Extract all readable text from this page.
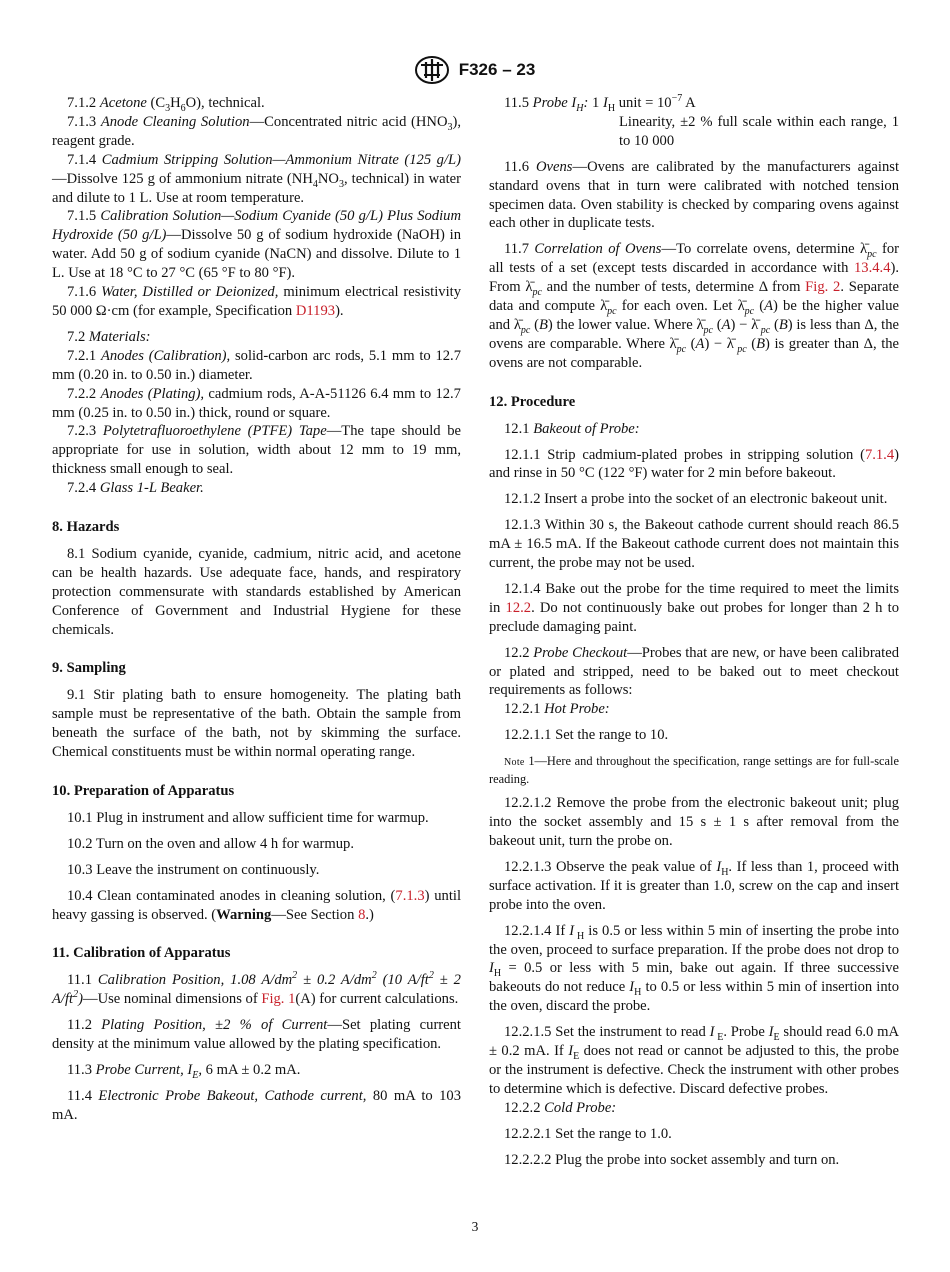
F326 – 23

7.1.2 Acetone $(C_3H_6O)$, technical.

7.1.3 Anode Cleaning Solution—Concentrated nitric acid $(HNO_3)$, reagent grade.

7.1.4 Cadmium Stripping Solution—Ammonium Nitrate (125 g/L)—Dissolve 125 g of ammonium nitrate ($NH_4NO_3$, technical) in water and dilute to 1 L. Use at room temperature.

7.1.5 Calibration Solution—Sodium Cyanide (50 g/L) Plus Sodium Hydroxide (50 g/L)—Dissolve 50 g of sodium hydroxide (NaOH) in water. Add 50 g of sodium cyanide (NaCN) and dissolve. Dilute to 1 L. Use at 18 °C to 27 °C (65 °F to 80 °F).

7.1.6 Water, Distilled or Deionized, minimum electrical resistivity 50 000 Ω·cm (for example, Specification D1193).

7.2 Materials:

7.2.1 Anodes (Calibration), solid-carbon arc rods, 5.1 mm to 12.7 mm (0.20 in. to 0.50 in.) diameter.

7.2.2 Anodes (Plating), cadmium rods, A-A-51126 6.4 mm to 12.7 mm (0.25 in. to 0.50 in.) thick, round or square.

7.2.3 Polytetrafluoroethylene (PTFE) Tape—The tape should be appropriate for use in solution, width about 12 mm to 19 mm, thickness small enough to seal.

7.2.4 Glass 1-L Beaker.

8. Hazards

8.1 Sodium cyanide, cyanide, cadmium, nitric acid, and acetone can be health hazards. Use adequate face, hands, and respiratory protection commensurate with standards established by American Conference of Government and Industrial Hygiene for these chemicals.

9. Sampling

9.1 Stir plating bath to ensure homogeneity. The plating bath sample must be representative of the bath. Obtain the sample from beneath the surface of the bath, not by skimming the surface. Chemical constituents must be within normal operating range.

10. Preparation of Apparatus

10.1 Plug in instrument and allow sufficient time for warmup.

10.2 Turn on the oven and allow 4 h for warmup.

10.3 Leave the instrument on continuously.

10.4 Clean contaminated anodes in cleaning solution, (7.1.3) until heavy gassing is observed. (Warning—See Section 8.)

11. Calibration of Apparatus

11.1 Calibration Position, 1.08 $A/dm^2 \pm 0.2$ $A/dm^2$ (10 $A/ft^2 \pm 2$ $A/ft^2)—Use$ nominal dimensions of Fig. 1(A) for current calculations.

11.2 Plating Position, ±2 % of Current—Set plating current density at the minimum value allowed by the plating specification.

11.3 Probe Current, $I_E$, 6 mA ± 0.2 mA.

11.4 Electronic Probe Bakeout, Cathode current, 80 mA to 103 mA.

11.5 Probe $I_H$: 1 $I_H$ unit = $10^{-7}$ A

Linearity, ±2 % full scale within each range, 1 to 10 000

11.6 Ovens—Ovens are calibrated by the manufacturers against standard ovens that in turn were calibrated with notched tension specimen data. Oven stability is checked by comparing ovens against each other in duplicate tests.

11.7 Correlation of Ovens—To correlate ovens, determine $\lambdā_{pc}$ for all tests of a set (except tests discarded in accordance with 13.4.4). From $\lambdā_{pc}$ and the number of tests, determine Δ from Fig. 2. Separate data and compute $\lambdā_{pc}$ for each oven. Let $\lambdā_{pc}$ (A) be the higher value and $\lambdā_{pc}$ (B) the lower value. Where $\lambdā_{pc}$ (A) − λ̄ $_{pc}$ (B) is less than Δ, the ovens are comparable. Where $\lambdā_{pc}$ (A) − λ̄ $_{pc}$ (B) is greater than Δ, the ovens are not comparable.

12. Procedure

12.1 Bakeout of Probe:

12.1.1 Strip cadmium-plated probes in stripping solution (7.1.4) and rinse in 50 °C (122 °F) water for 2 min before bakeout.

12.1.2 Insert a probe into the socket of an electronic bakeout unit.

12.1.3 Within 30 s, the Bakeout cathode current should reach 86.5 mA ± 16.5 mA. If the Bakeout cathode current does not maintain this current, the probe may not be used.

12.1.4 Bake out the probe for the time required to meet the limits in 12.2. Do not continuously bake out probes for longer than 2 h to preclude damaging paint.

12.2 Probe Checkout—Probes that are new, or have been calibrated or plated and stripped, need to be baked out to meet checkout requirements as follows:

12.2.1 Hot Probe:

12.2.1.1 Set the range to 10.

Note 1—Here and throughout the specification, range settings are for full-scale reading.

12.2.1.2 Remove the probe from the electronic bakeout unit; plug into the socket assembly and 15 s ± 1 s after removal from the bakeout unit, turn the probe on.

12.2.1.3 Observe the peak value of $I_H$. If less than 1, proceed with surface activation. If it is greater than 1.0, screw on the cap and insert probe into the oven.

12.2.1.4 If I $_H$ is 0.5 or less within 5 min of inserting the probe into the oven, proceed to surface preparation. If the probe does not drop to $I_H = 0.5$ or less with 5 min, bake out again. If three successive bakeouts do not reduce $I_H$ to 0.5 or less within 5 min of insertion into the oven, discard the probe.

12.2.1.5 Set the instrument to read I $_E$. Probe $I_E$ should read 6.0 mA ± 0.2 mA. If $I_E$ does not read or cannot be adjusted to this, the probe or the instrument is defective. Check the instrument with other probes to determine which is defective. Discard defective probes.

12.2.2 Cold Probe:

12.2.2.1 Set the range to 1.0.

12.2.2.2 Plug the probe into socket assembly and turn on.

3
